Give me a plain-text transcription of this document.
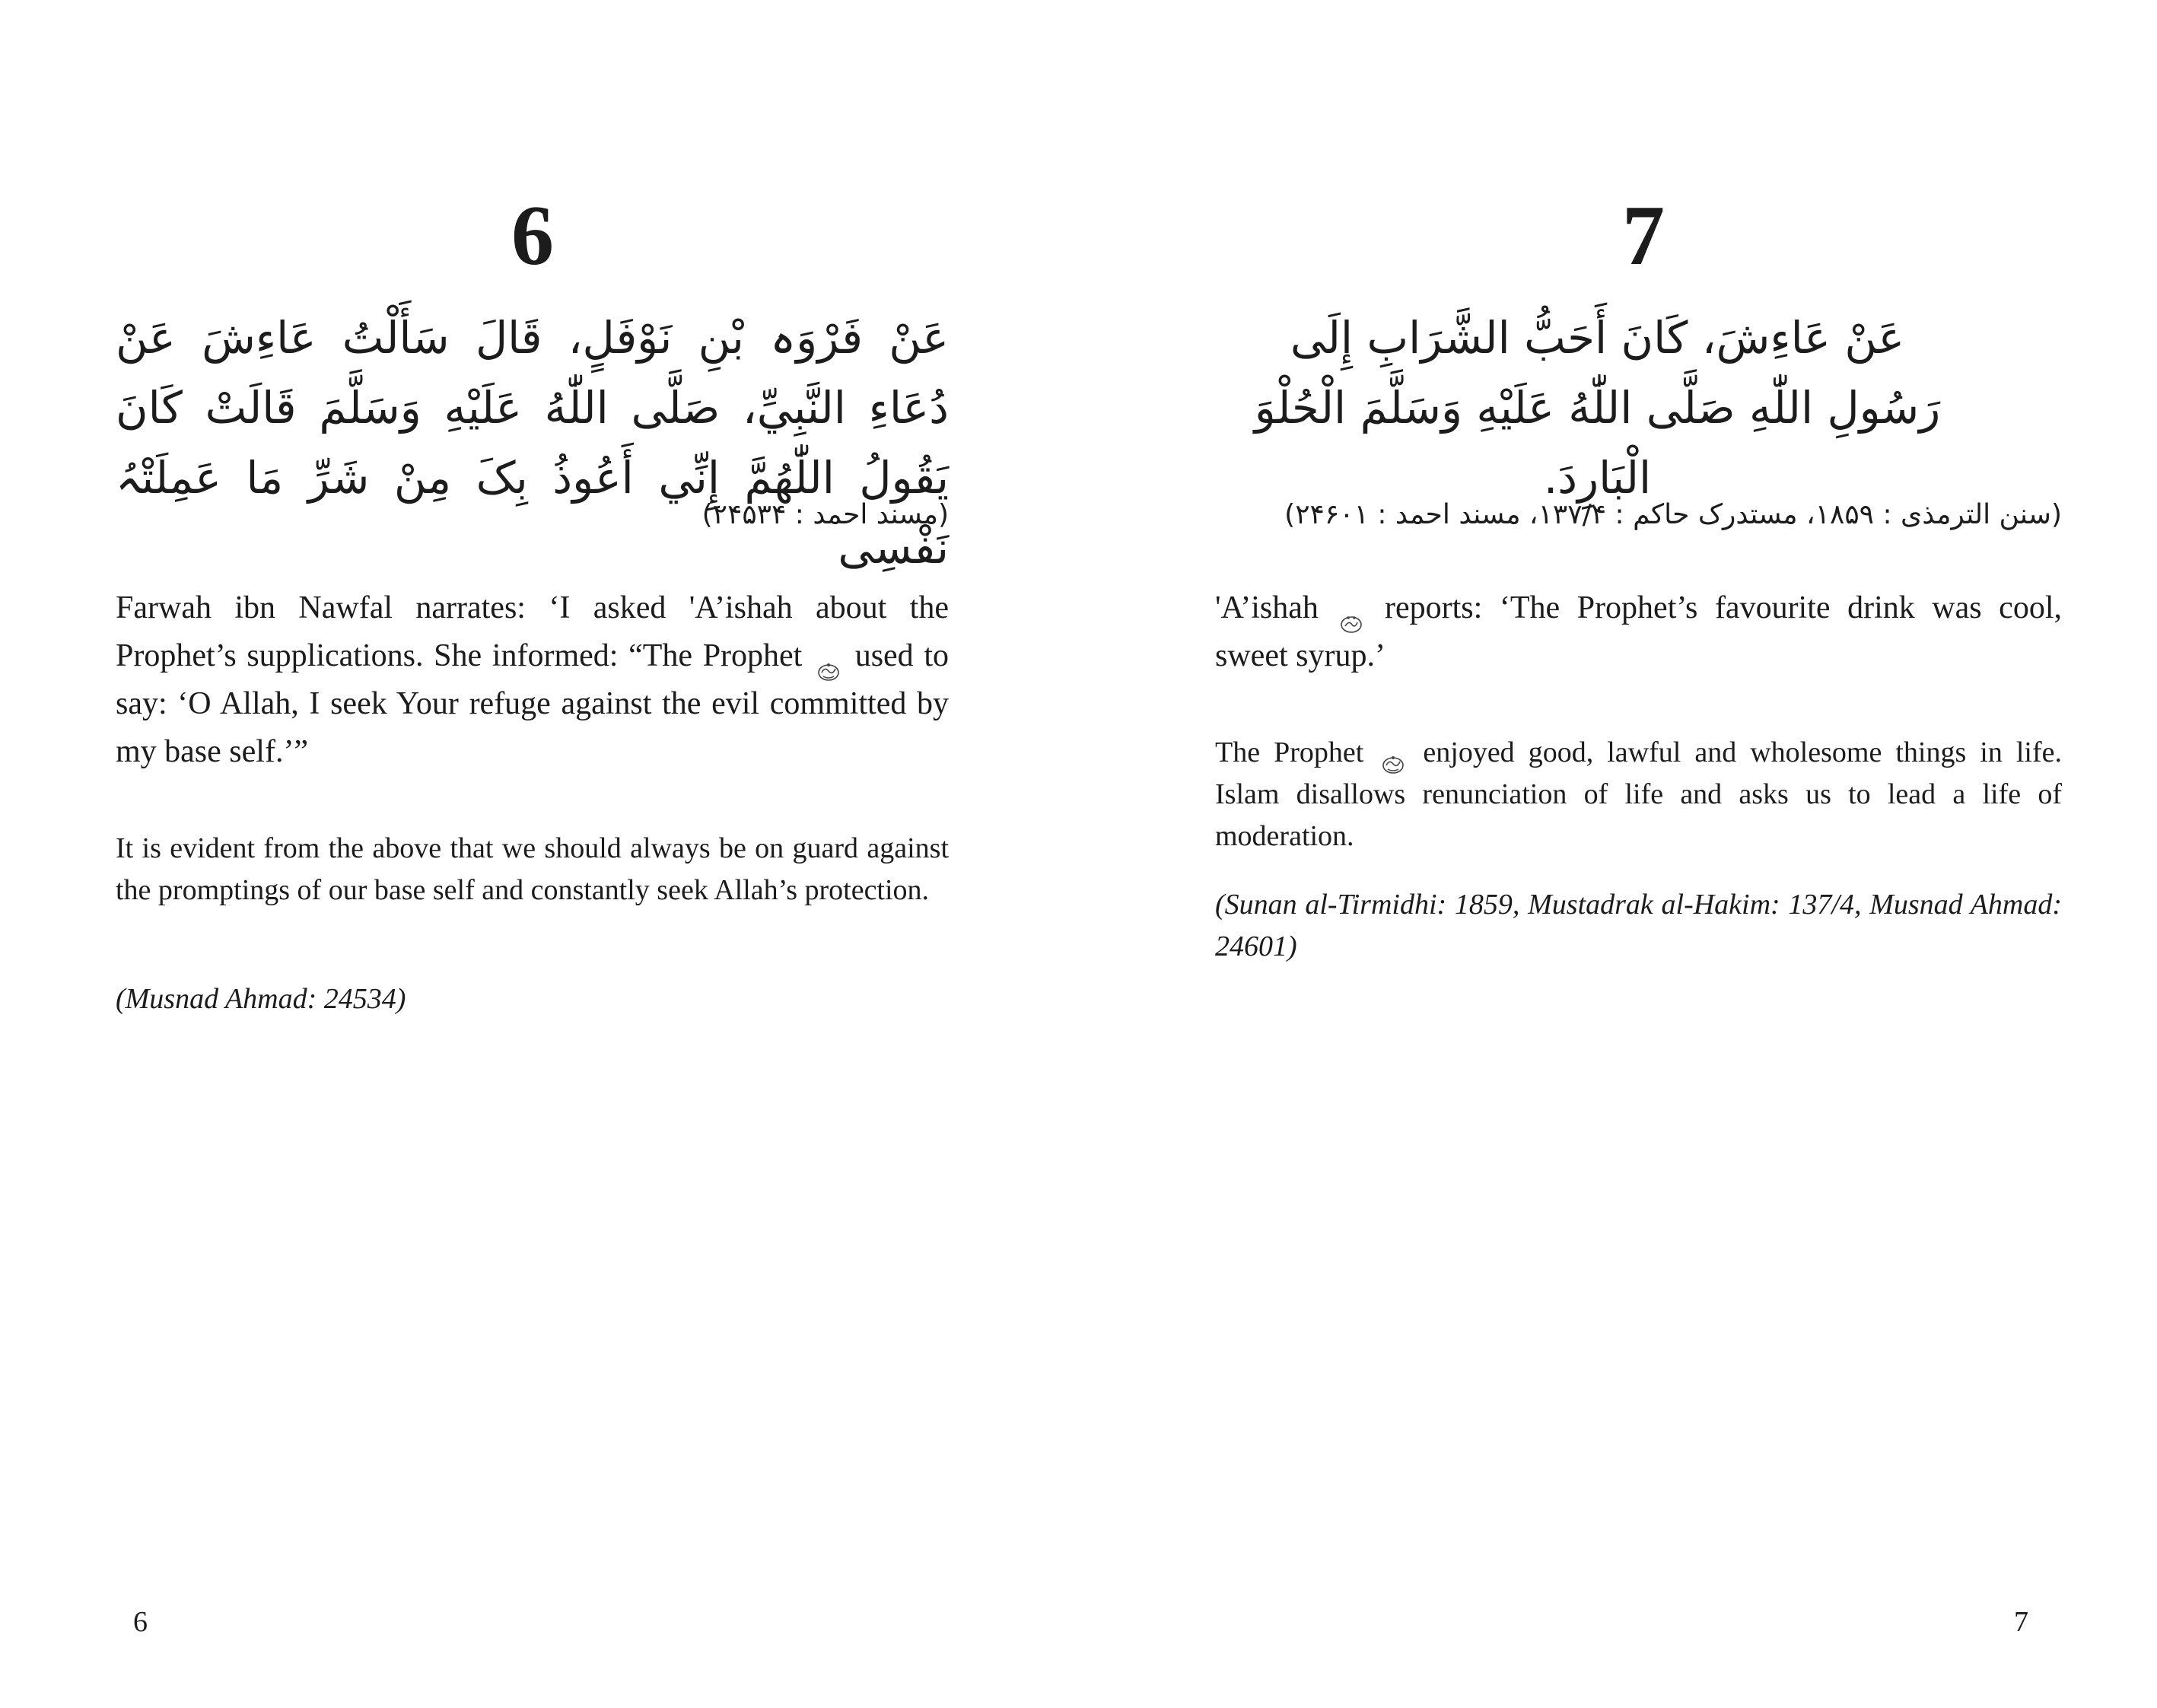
6

عَنْ فَرْوَہ بْنِ نَوْفَلٍ، قَالَ سَأَلْتُ عَاءِشَ عَنْ دُعَاءِ النَّبِيِّ، صَلَّى اللّٰهُ عَلَيْهِ وَسَلَّمَ قَالَتْ كَانَ يَقُولُ اللّٰهُمَّ إِنِّي أَعُوذُ بِکَ مِنْ شَرِّ مَا عَمِلَتْہُ نَفْسِی

(مسند احمد : ۲۴۵۳۴)

Farwah ibn Nawfal narrates: ‘I asked 'A’ishah about the Prophet’s supplications. She informed: “The Prophet used to say: ‘O Allah, I seek Your refuge against the evil committed by my base self.’”

It is evident from the above that we should always be on guard against the promptings of our base self and constantly seek Allah’s protection.

(Musnad Ahmad: 24534)

6

7

عَنْ عَاءِشَ، كَانَ أَحَبُّ الشَّرَابِ إِلَى رَسُولِ اللّٰهِ صَلَّى اللّٰهُ عَلَيْهِ وَسَلَّمَ الْحُلْوَ الْبَارِدَ.

(سنن الترمذی : ۱۸۵۹، مستدرک حاکم : ۱۳۷/۴، مسند احمد : ۲۴۶۰۱)

'A’ishah reports: ‘The Prophet’s favourite drink was cool, sweet syrup.’

The Prophet enjoyed good, lawful and wholesome things in life. Islam disallows renunciation of life and asks us to lead a life of moderation.

(Sunan al-Tirmidhi: 1859, Mustadrak al-Hakim: 137/4, Musnad Ahmad: 24601)

7
